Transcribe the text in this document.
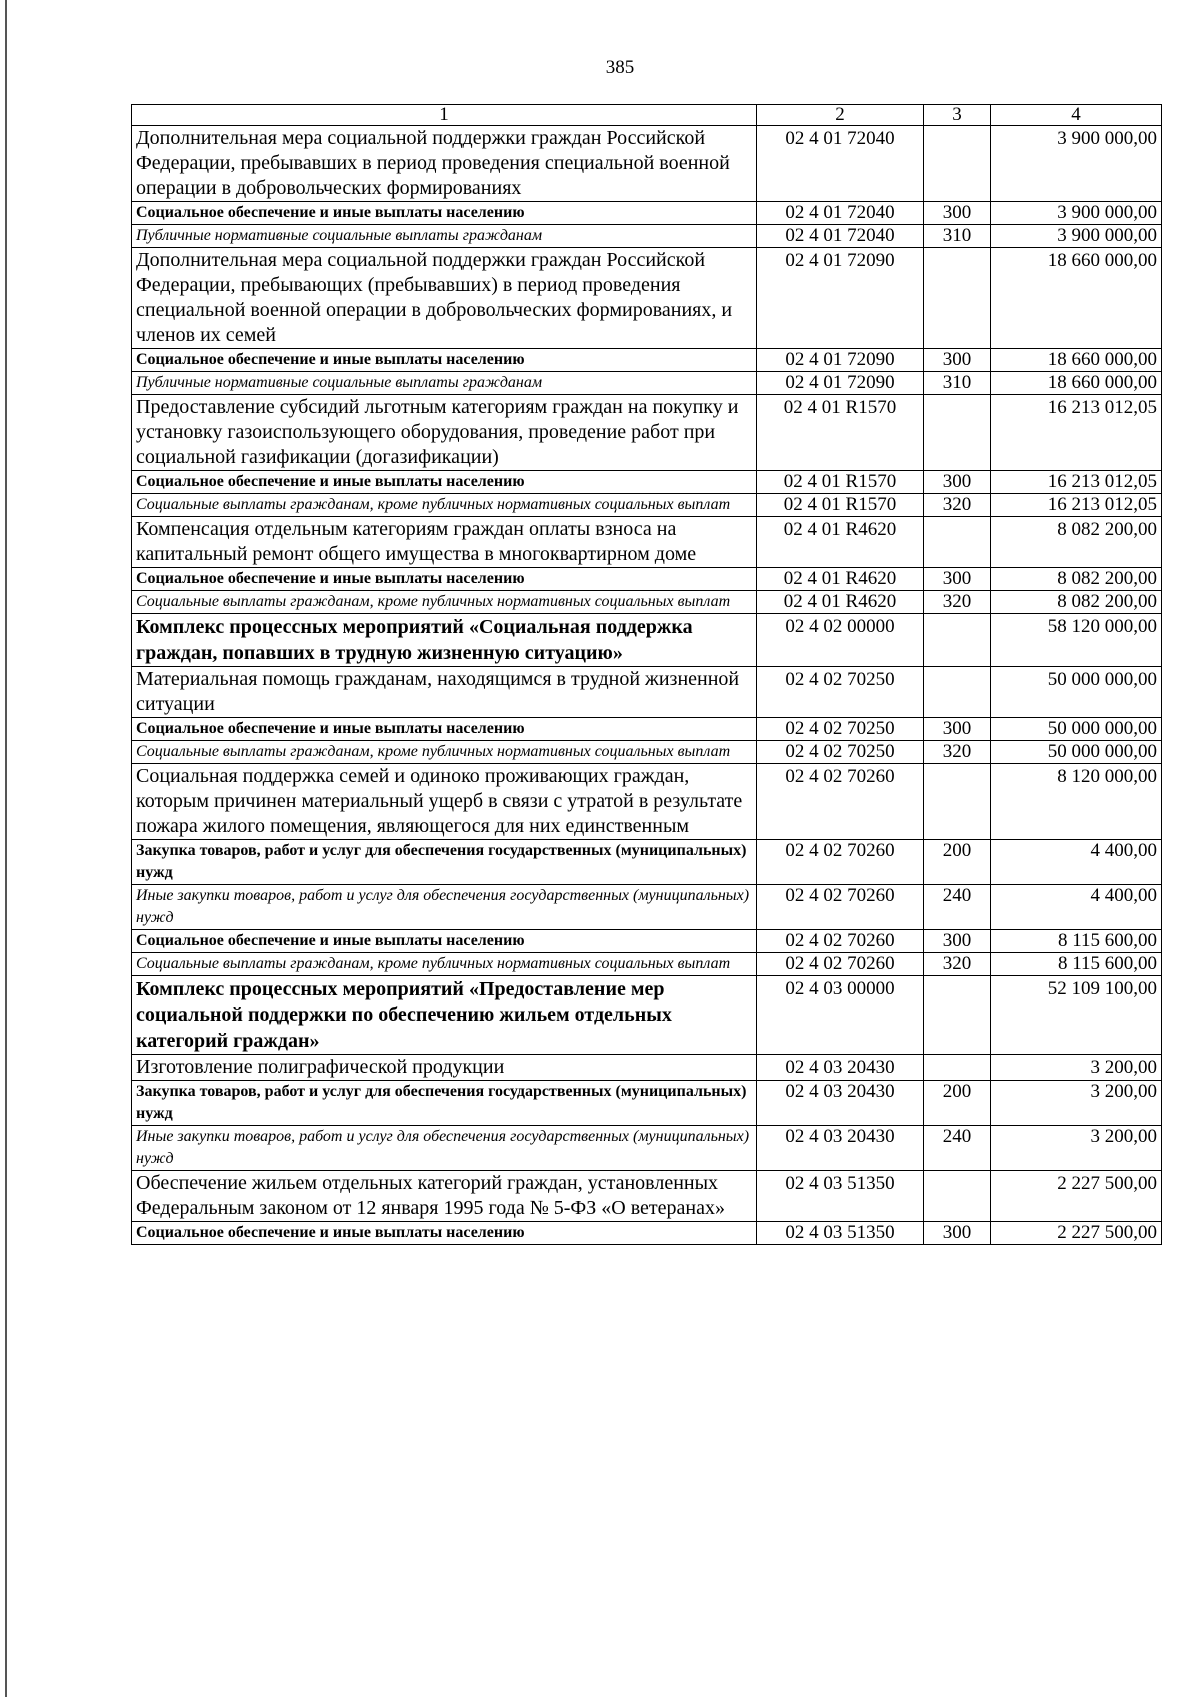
385
1	2	3	4
Дополнительная мера социальной поддержки граждан Российской Федерации, пребывавших в период проведения специальной военной операции в добровольческих формированиях	02 4 01 72040		3 900 000,00
Социальное обеспечение и иные выплаты населению	02 4 01 72040	300	3 900 000,00
Публичные нормативные социальные выплаты гражданам	02 4 01 72040	310	3 900 000,00
Дополнительная мера социальной поддержки граждан Российской Федерации, пребывающих (пребывавших) в период проведения специальной военной операции в добровольческих формированиях, и членов их семей	02 4 01 72090		18 660 000,00
Социальное обеспечение и иные выплаты населению	02 4 01 72090	300	18 660 000,00
Публичные нормативные социальные выплаты гражданам	02 4 01 72090	310	18 660 000,00
Предоставление субсидий льготным категориям граждан на покупку и установку газоиспользующего оборудования, проведение работ при социальной газификации (догазификации)	02 4 01 R1570		16 213 012,05
Социальное обеспечение и иные выплаты населению	02 4 01 R1570	300	16 213 012,05
Социальные выплаты гражданам, кроме публичных нормативных социальных выплат	02 4 01 R1570	320	16 213 012,05
Компенсация отдельным категориям граждан оплаты взноса на капитальный ремонт общего имущества в многоквартирном доме	02 4 01 R4620		8 082 200,00
Социальное обеспечение и иные выплаты населению	02 4 01 R4620	300	8 082 200,00
Социальные выплаты гражданам, кроме публичных нормативных социальных выплат	02 4 01 R4620	320	8 082 200,00
Комплекс процессных мероприятий «Социальная поддержка граждан, попавших в трудную жизненную ситуацию»	02 4 02 00000		58 120 000,00
Материальная помощь гражданам, находящимся в трудной жизненной ситуации	02 4 02 70250		50 000 000,00
Социальное обеспечение и иные выплаты населению	02 4 02 70250	300	50 000 000,00
Социальные выплаты гражданам, кроме публичных нормативных социальных выплат	02 4 02 70250	320	50 000 000,00
Социальная поддержка семей и одиноко проживающих граждан, которым причинен материальный ущерб в связи с утратой в результате пожара жилого помещения, являющегося для них единственным	02 4 02 70260		8 120 000,00
Закупка товаров, работ и услуг для обеспечения государственных (муниципальных) нужд	02 4 02 70260	200	4 400,00
Иные закупки товаров, работ и услуг для обеспечения государственных (муниципальных) нужд	02 4 02 70260	240	4 400,00
Социальное обеспечение и иные выплаты населению	02 4 02 70260	300	8 115 600,00
Социальные выплаты гражданам, кроме публичных нормативных социальных выплат	02 4 02 70260	320	8 115 600,00
Комплекс процессных мероприятий «Предоставление мер социальной поддержки по обеспечению жильем отдельных категорий граждан»	02 4 03 00000		52 109 100,00
Изготовление полиграфической продукции	02 4 03 20430		3 200,00
Закупка товаров, работ и услуг для обеспечения государственных (муниципальных) нужд	02 4 03 20430	200	3 200,00
Иные закупки товаров, работ и услуг для обеспечения государственных (муниципальных) нужд	02 4 03 20430	240	3 200,00
Обеспечение жильем отдельных категорий граждан, установленных Федеральным законом от 12 января 1995 года № 5-ФЗ «О ветеранах»	02 4 03 51350		2 227 500,00
Социальное обеспечение и иные выплаты населению	02 4 03 51350	300	2 227 500,00
